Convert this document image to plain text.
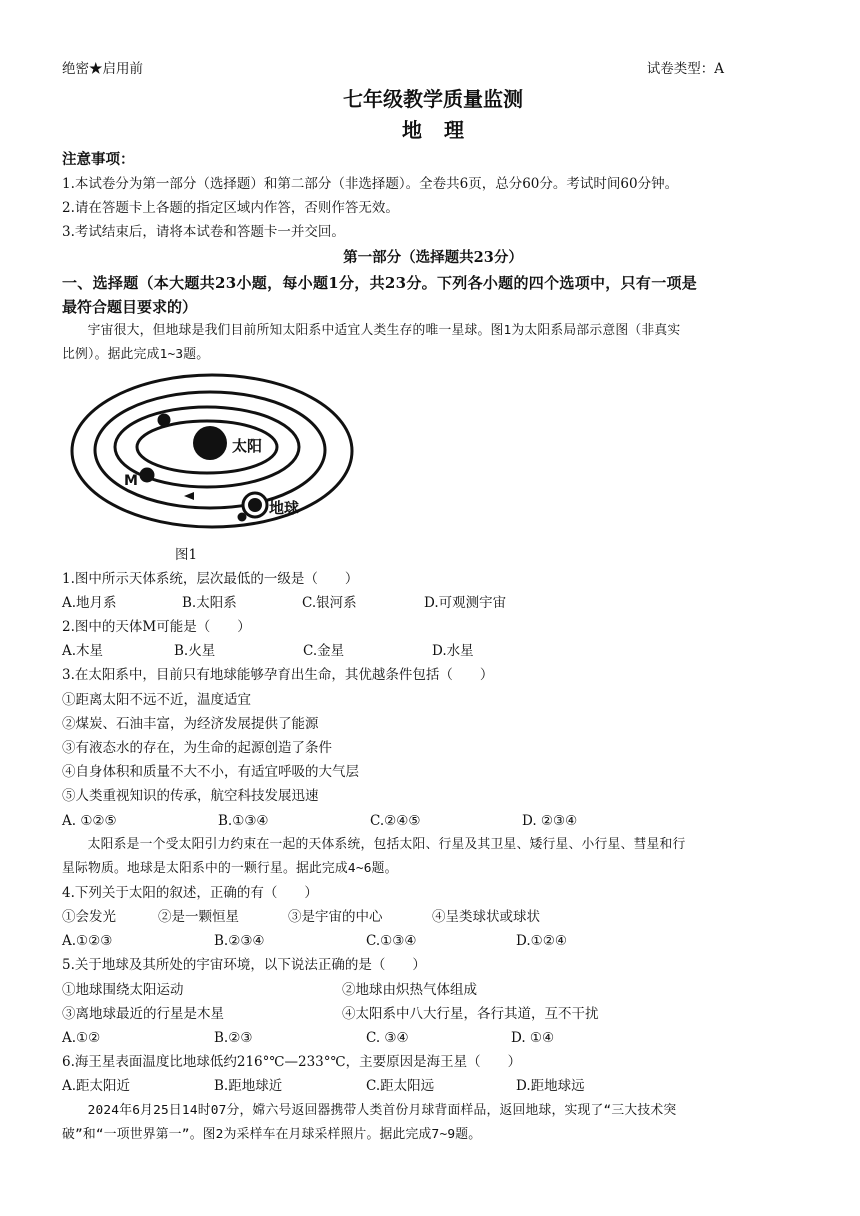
绝密★启用前	试卷类型：A
七年级教学质量监测
地理
注意事项：
1.本试卷分为第一部分（选择题）和第二部分（非选择题）。全卷共6页，总分60分。考试时间60分钟。
2.请在答题卡上各题的指定区域内作答，否则作答无效。
3.考试结束后，请将本试卷和答题卡一并交回。
第一部分（选择题共23分）
一、选择题（本大题共23小题，每小题1分，共23分。下列各小题的四个选项中，只有一项是
最符合题目要求的）
宇宙很大，但地球是我们目前所知太阳系中适宜人类生存的唯一星球。图1为太阳系局部示意图（非真实
比例）。据此完成1~3题。
太阳
M
地球
图1
1.图中所示天体系统，层次最低的一级是（　　）
A.地月系	B.太阳系	C.银河系	D.可观测宇宙
2.图中的天体M可能是（　　）
A.木星	B.火星	C.金星	D.水星
3.在太阳系中，目前只有地球能够孕育出生命，其优越条件包括（　　）
①距离太阳不远不近，温度适宜
②煤炭、石油丰富，为经济发展提供了能源
③有液态水的存在，为生命的起源创造了条件
④自身体积和质量不大不小，有适宜呼吸的大气层
⑤人类重视知识的传承，航空科技发展迅速
A. ①②⑤	B.①③④	C.②④⑤	D. ②③④
太阳系是一个受太阳引力约束在一起的天体系统，包括太阳、行星及其卫星、矮行星、小行星、彗星和行
星际物质。地球是太阳系中的一颗行星。据此完成4~6题。
4.下列关于太阳的叙述，正确的有（　　）
①会发光	②是一颗恒星	③是宇宙的中心	④呈类球状或球状
A.①②③	B.②③④	C.①③④	D.①②④
5.关于地球及其所处的宇宙环境，以下说法正确的是（　　）
①地球围绕太阳运动	②地球由炽热气体组成
③离地球最近的行星是木星	④太阳系中八大行星，各行其道，互不干扰
A.①②	B.②③	C. ③④	D. ①④
6.海王星表面温度比地球低约216°℃—233°℃，主要原因是海王星（　　）
A.距太阳近	B.距地球近	C.距太阳远	D.距地球远
2024年6月25日14时07分，嫦六号返回器携带人类首份月球背面样品，返回地球，实现了“三大技术突
破”和“一项世界第一”。图2为采样车在月球采样照片。据此完成7~9题。
